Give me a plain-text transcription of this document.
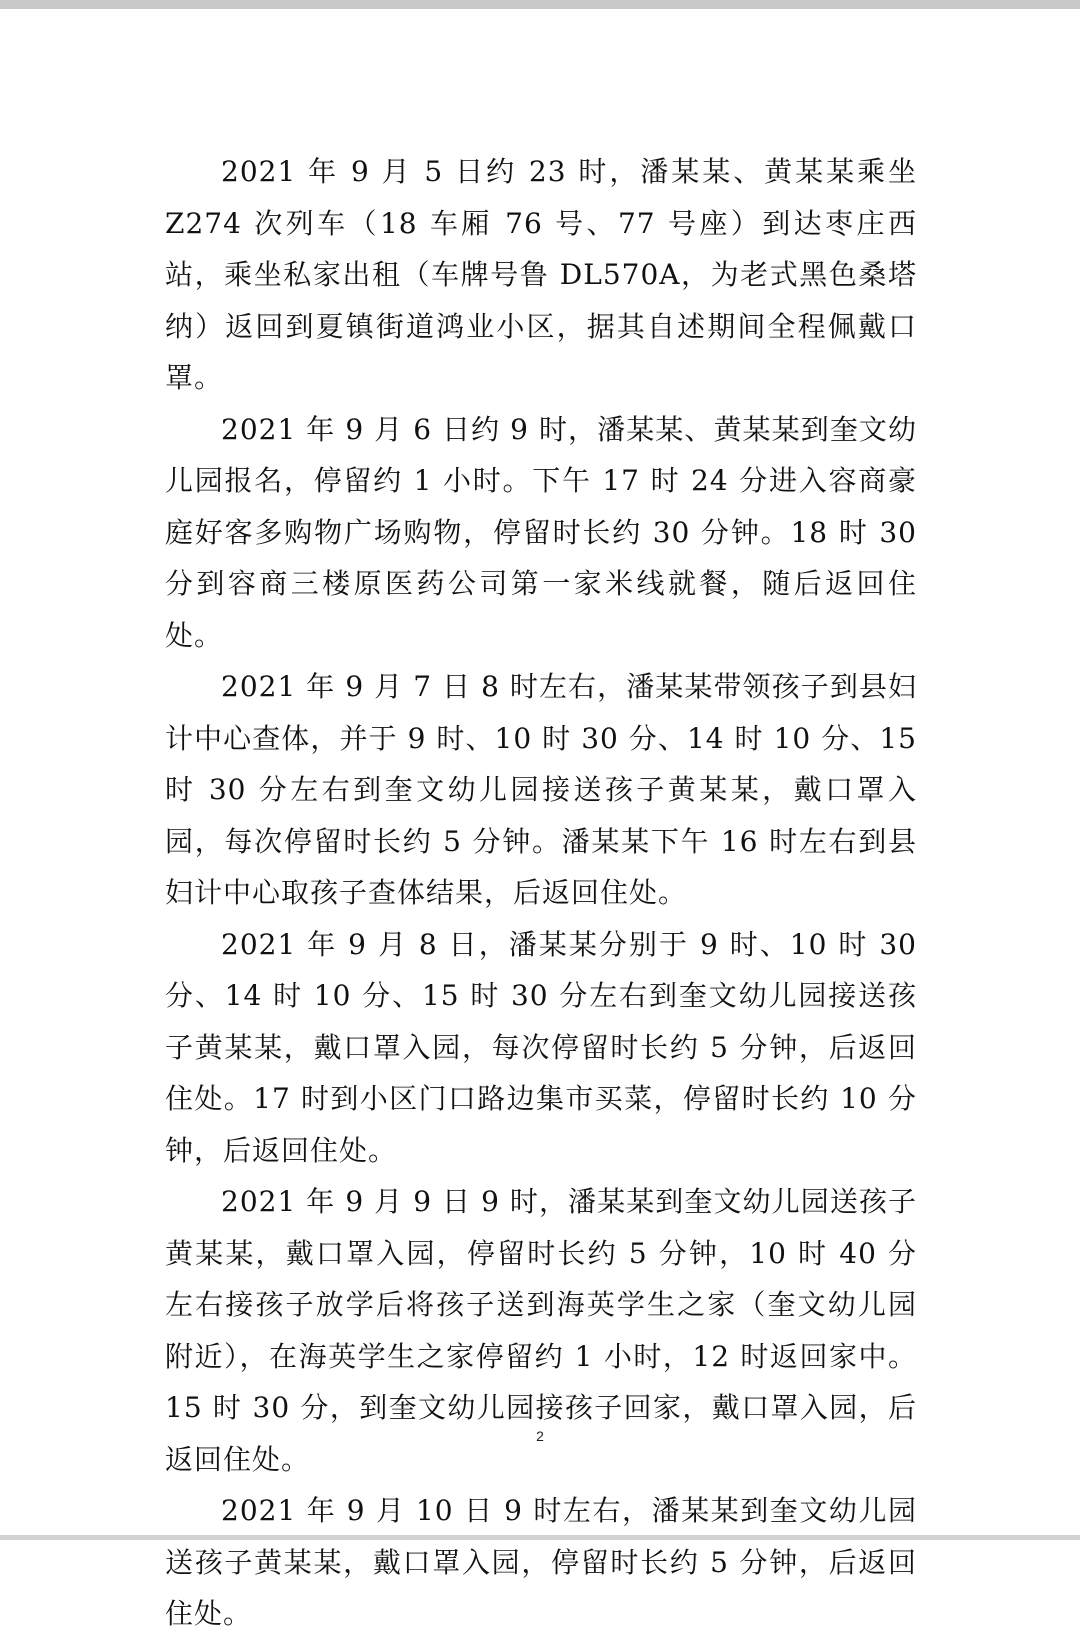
2021 年 9 月 5 日约 23 时，潘某某、黄某某乘坐 Z274 次列车（18 车厢 76 号、77 号座）到达枣庄西站，乘坐私家出租（车牌号鲁 DL570A，为老式黑色桑塔纳）返回到夏镇街道鸿业小区，据其自述期间全程佩戴口罩。

2021 年 9 月 6 日约 9 时，潘某某、黄某某到奎文幼儿园报名，停留约 1 小时。下午 17 时 24 分进入容商豪庭好客多购物广场购物，停留时长约 30 分钟。18 时 30 分到容商三楼原医药公司第一家米线就餐，随后返回住处。

2021 年 9 月 7 日 8 时左右，潘某某带领孩子到县妇计中心查体，并于 9 时、10 时 30 分、14 时 10 分、15 时 30 分左右到奎文幼儿园接送孩子黄某某，戴口罩入园，每次停留时长约 5 分钟。潘某某下午 16 时左右到县妇计中心取孩子查体结果，后返回住处。

2021 年 9 月 8 日，潘某某分别于 9 时、10 时 30 分、14 时 10 分、15 时 30 分左右到奎文幼儿园接送孩子黄某某，戴口罩入园，每次停留时长约 5 分钟，后返回住处。17 时到小区门口路边集市买菜，停留时长约 10 分钟，后返回住处。

2021 年 9 月 9 日 9 时，潘某某到奎文幼儿园送孩子黄某某，戴口罩入园，停留时长约 5 分钟，10 时 40 分左右接孩子放学后将孩子送到海英学生之家（奎文幼儿园附近），在海英学生之家停留约 1 小时，12 时返回家中。15 时 30 分，到奎文幼儿园接孩子回家，戴口罩入园，后返回住处。

2021 年 9 月 10 日 9 时左右，潘某某到奎文幼儿园送孩子黄某某，戴口罩入园，停留时长约 5 分钟，后返回住处。

2
